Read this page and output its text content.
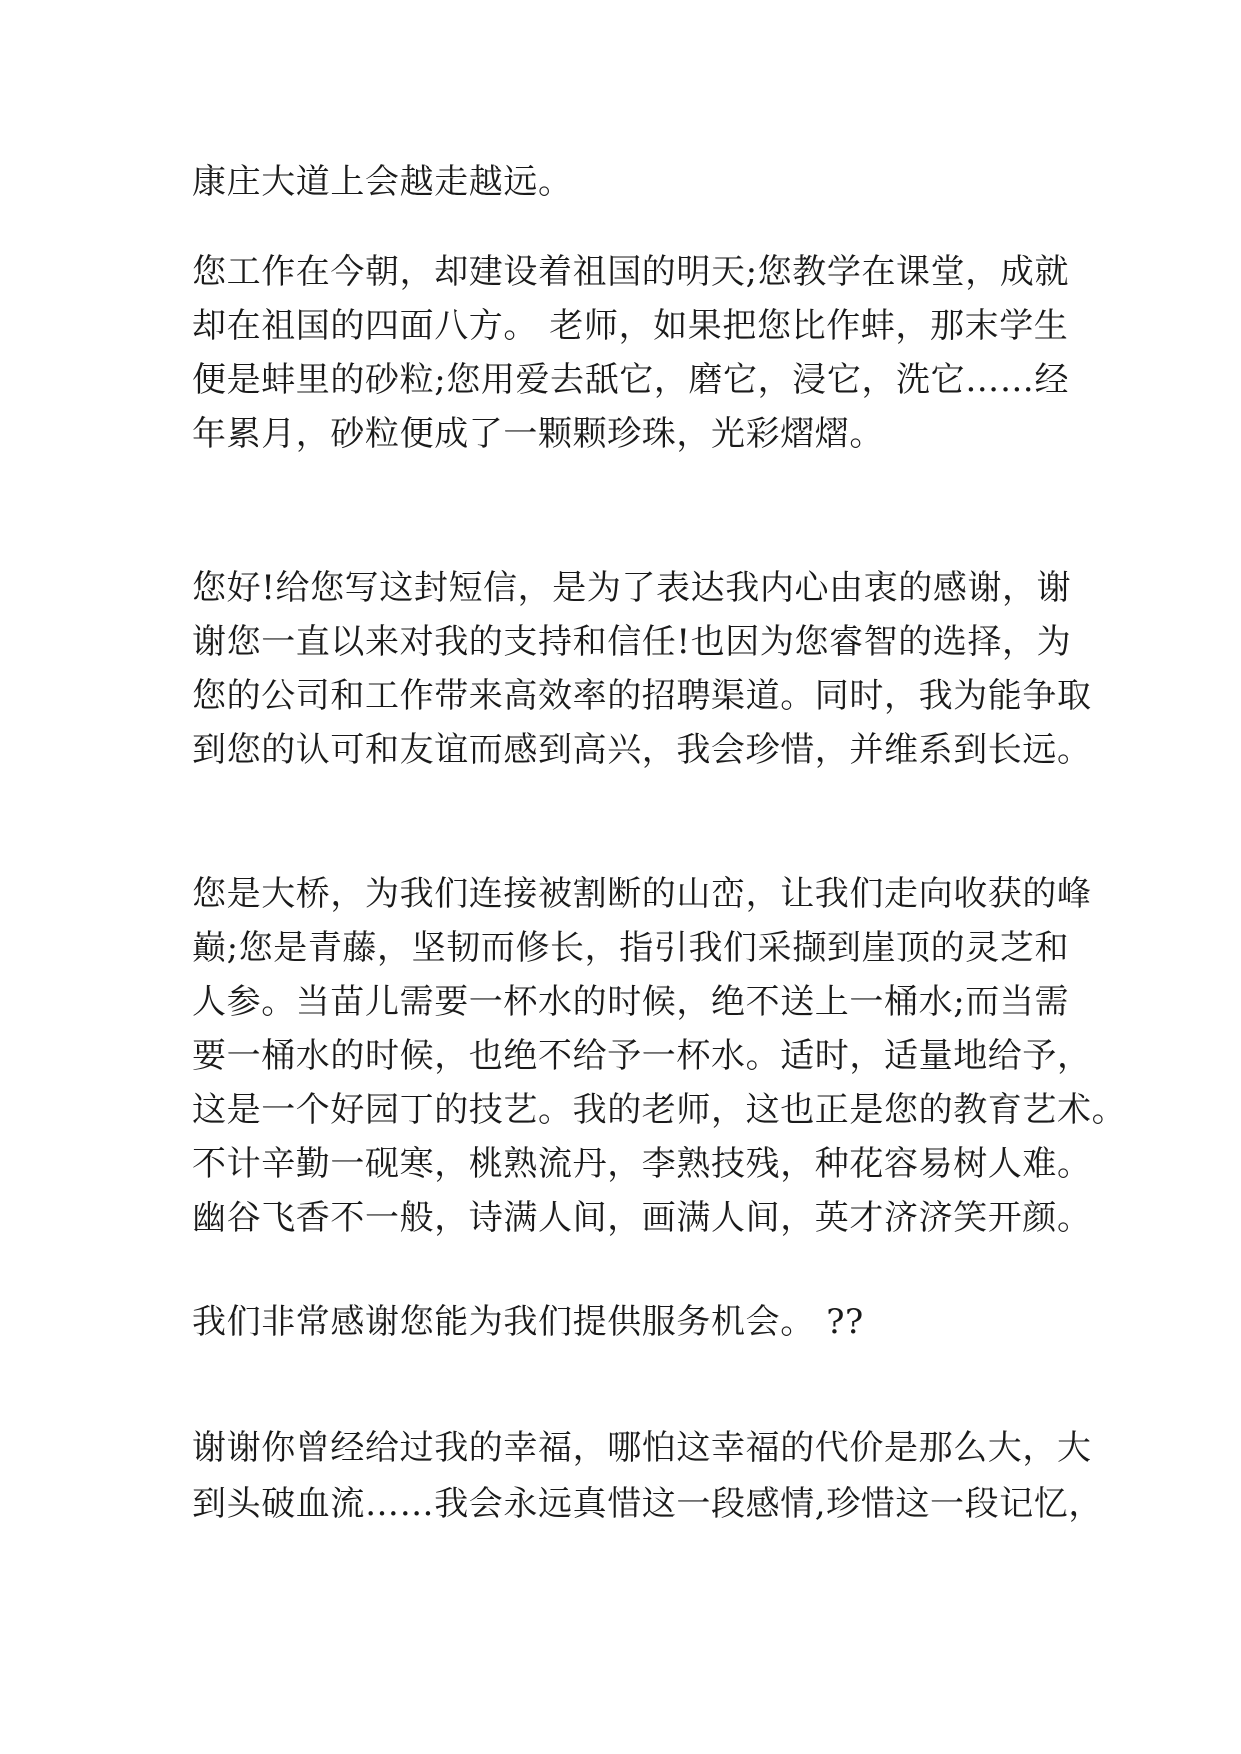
康庄大道上会越走越远。
您工作在今朝，却建设着祖国的明天;您教学在课堂，成就
却在祖国的四面八方。 老师，如果把您比作蚌，那末学生
便是蚌里的砂粒;您用爱去舐它，磨它，浸它，洗它……经
年累月，砂粒便成了一颗颗珍珠，光彩熠熠。
您好!给您写这封短信，是为了表达我内心由衷的感谢，谢
谢您一直以来对我的支持和信任!也因为您睿智的选择，为
您的公司和工作带来高效率的招聘渠道。同时，我为能争取
到您的认可和友谊而感到高兴，我会珍惜，并维系到长远。
您是大桥，为我们连接被割断的山峦，让我们走向收获的峰
巅;您是青藤，坚韧而修长，指引我们采撷到崖顶的灵芝和
人参。当苗儿需要一杯水的时候，绝不送上一桶水;而当需
要一桶水的时候，也绝不给予一杯水。适时，适量地给予，
这是一个好园丁的技艺。我的老师，这也正是您的教育艺术。
不计辛勤一砚寒，桃熟流丹，李熟技残，种花容易树人难。
幽谷飞香不一般，诗满人间，画满人间，英才济济笑开颜。
我们非常感谢您能为我们提供服务机会。 ??
谢谢你曾经给过我的幸福，哪怕这幸福的代价是那么大，大
到头破血流……我会永远真惜这一段感情,珍惜这一段记忆，
